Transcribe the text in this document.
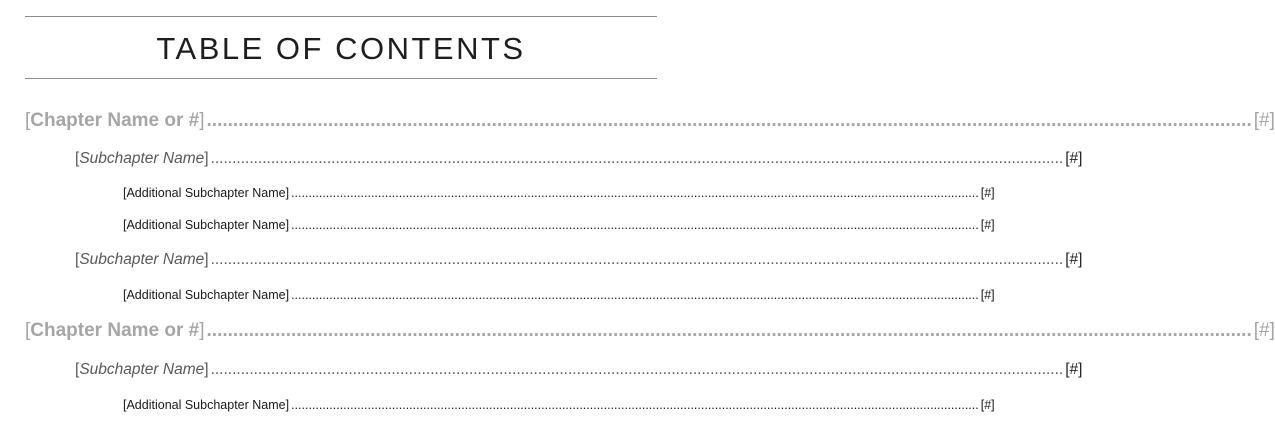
TABLE OF CONTENTS
[Chapter Name or #] ...................................................................................................................................................................................................... [#]
[Subchapter Name] ...................................................................................................................................................................................................... [#]
[Additional Subchapter Name] ...................................................................................................................................................................................................... [#]
[Additional Subchapter Name] ...................................................................................................................................................................................................... [#]
[Subchapter Name] ...................................................................................................................................................................................................... [#]
[Additional Subchapter Name] ...................................................................................................................................................................................................... [#]
[Chapter Name or #] ...................................................................................................................................................................................................... [#]
[Subchapter Name] ...................................................................................................................................................................................................... [#]
[Additional Subchapter Name] ...................................................................................................................................................................................................... [#]
